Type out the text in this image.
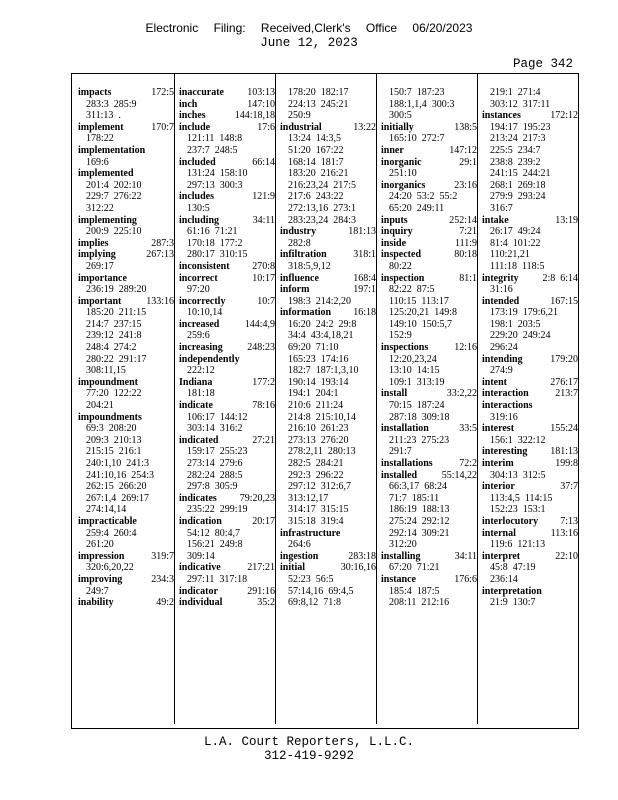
Electronic Filing: Received,Clerk's Office 06/20/2023
June 12, 2023
Page 342
impacts	172:5
283:3  285:9
311:13  .
implement	170:7
178:22
implementation
169:6
implemented
201:4  202:10
229:7  276:22
312:22
implementing
200:9  225:10
implies	287:3
implying	267:13
269:17
importance
236:19  289:20
important 133:16
185:20  211:15
214:7  237:15
239:12  241:8
248:4  274:2
280:22  291:17
308:11,15
impoundment
77:20  122:22
204:21
impoundments
69:3  208:20
209:3  210:13
215:15  216:1
240:1,10  241:3
241:10,16  254:3
262:15  266:20
267:1,4  269:17
274:14,14
impracticable
259:4  260:4
261:20
impression	319:7
320:6,20,22
improving	234:3
249:7
inability	49:2
inaccurate 103:13
inch	147:10
inches	144:18,18
include	17:6
121:11  148:8
237:7  248:5
included	66:14
131:24  158:10
297:13  300:3
includes	121:9
130:5
including	34:11
61:16  71:21
170:18  177:2
280:17  310:15
inconsistent 270:8
incorrect	10:17
97:20
incorrectly	10:7
10:10,14
increased	144:4,9
259:6
increasing 248:23
independently
222:12
Indiana	177:2
181:18
indicate	78:16
106:17  144:12
303:14  316:2
indicated	27:21
159:17  255:23
273:14  279:6
282:24  288:5
297:8  305:9
indicates 79:20,23
235:22  299:19
indication	20:17
54:12  80:4,7
156:21  249:8
309:14
indicative	217:21
297:11  317:18
indicator	291:16
individual	35:2
178:20  182:17
224:13  245:21
250:9
industrial	13:22
13:24  14:3,5
51:20  167:22
168:14  181:7
183:20  216:21
216:23,24  217:5
217:6  243:22
272:13,16  273:1
283:23,24  284:3
industry	181:13
282:8
infiltration	318:1
318:5,9,12
influence	168:4
inform	197:1
198:3  214:2,20
information 16:18
16:20  24:2  29:8
34:4  43:4,18,21
69:20  71:10
165:23  174:16
182:7  187:1,3,10
190:14  193:14
194:1  204:1
210:6  211:24
214:8  215:10,14
216:10  261:23
273:13  276:20
278:2,11  280:13
282:5  284:21
292:3  296:22
297:12  312:6,7
313:12,17
314:17  315:15
315:18  319:4
infrastructure
264:6
ingestion	283:18
initial	30:16,16
52:23  56:5
57:14,16  69:4,5
69:8,12  71:8
150:7  187:23
188:1,1,4  300:3
300:5
initially	138:5
165:10  272:7
inner	147:12
inorganic	29:1
251:10
inorganics	23:16
24:20  53:2  55:2
65:20  249:11
inputs	252:14
inquiry	7:21
inside	111:9
inspected	80:18
80:22
inspection	81:1
82:22  87:5
110:15  113:17
125:20,21  149:8
149:10  150:5,7
152:9
inspections	12:16
12:20,23,24
13:10  14:15
109:1  313:19
install	33:2,22
70:15  187:24
287:18  309:18
installation	33:5
211:23  275:23
291:7
installations	72:2
installed 55:14,22
66:3,17  68:24
71:7  185:11
186:19  188:13
275:24  292:12
292:14  309:21
312:20
installing	34:11
67:20  71:21
instance	176:6
185:4  187:5
208:11  212:16
219:1  271:4
303:12  317:11
instances	172:12
194:17  195:23
213:24  217:3
225:5  234:7
238:8  239:2
241:15  244:21
268:1  269:18
279:9  293:24
316:7
intake	13:19
26:17  49:24
81:4  101:22
110:21,21
111:18  118:5
integrity 2:8  6:14
31:16
intended	167:15
173:19  179:6,21
198:1  203:5
229:20  249:24
296:24
intending	179:20
274:9
intent	276:17
interaction	213:7
interactions
319:16
interest	155:24
156:1  322:12
interesting 181:13
interim	199:8
304:13  312:5
interior	37:7
113:4,5  114:15
152:23  153:1
interlocutory 7:13
internal	113:16
119:6  121:13
interpret	22:10
45:8  47:19
236:14
interpretation
21:9  130:7
L.A. Court Reporters, L.L.C.
312-419-9292
